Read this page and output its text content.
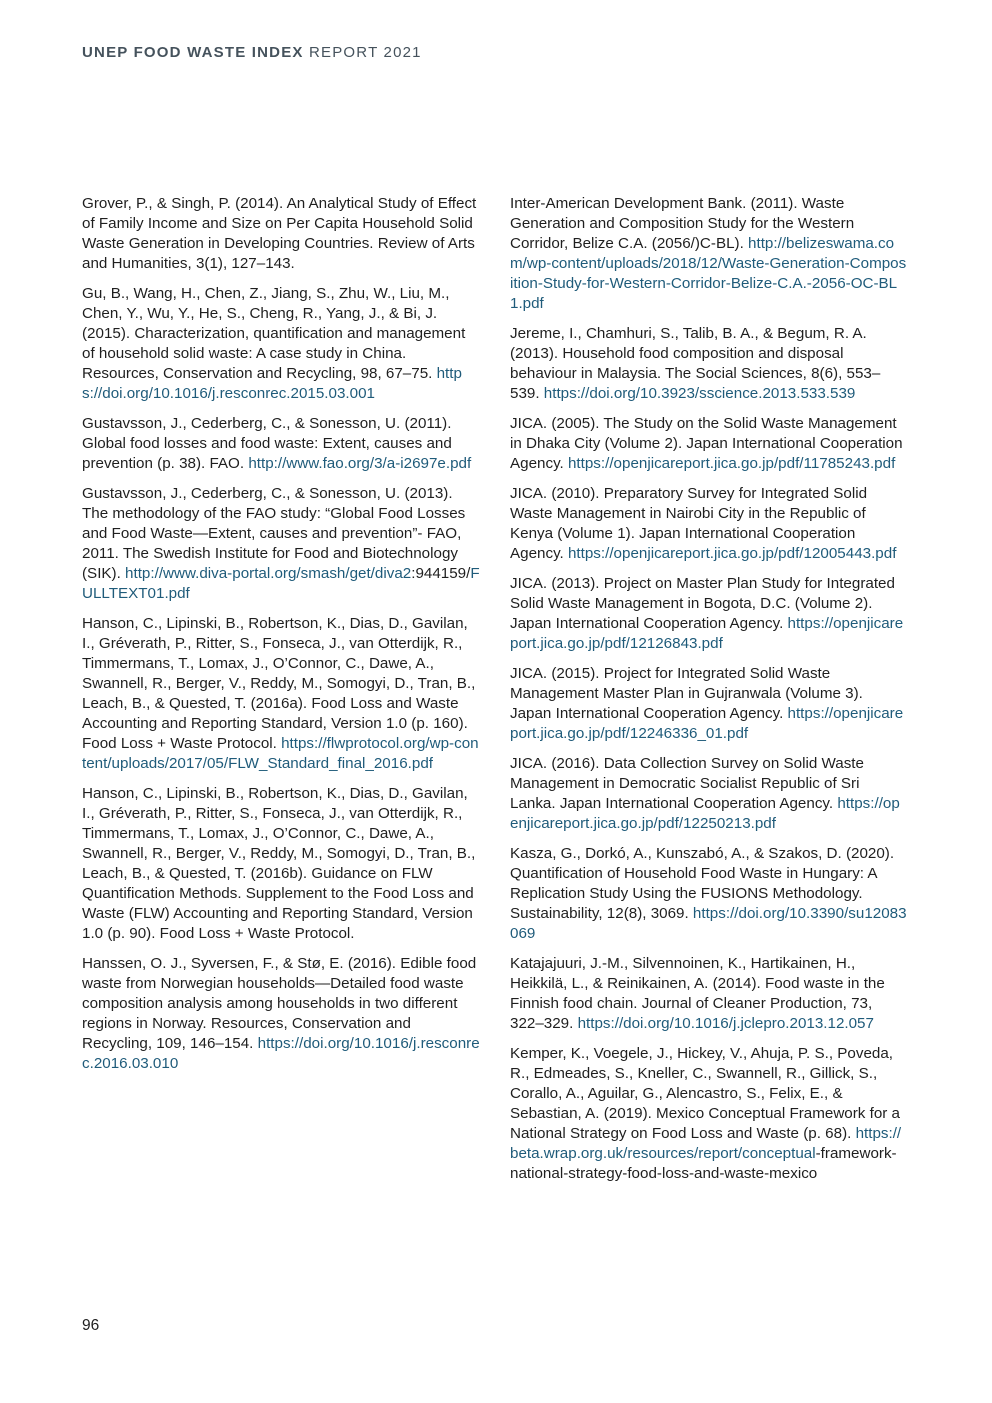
UNEP FOOD WASTE INDEX REPORT 2021

Grover, P., & Singh, P. (2014). An Analytical Study of Effect of Family Income and Size on Per Capita Household Solid Waste Generation in Developing Countries. Review of Arts and Humanities, 3(1), 127–143.

Gu, B., Wang, H., Chen, Z., Jiang, S., Zhu, W., Liu, M., Chen, Y., Wu, Y., He, S., Cheng, R., Yang, J., & Bi, J. (2015). Characterization, quantification and management of household solid waste: A case study in China. Resources, Conservation and Recycling, 98, 67–75. https://doi.org/10.1016/j.resconrec.2015.03.001

Gustavsson, J., Cederberg, C., & Sonesson, U. (2011). Global food losses and food waste: Extent, causes and prevention (p. 38). FAO. http://www.fao.org/3/a-i2697e.pdf

Gustavsson, J., Cederberg, C., & Sonesson, U. (2013). The methodology of the FAO study: “Global Food Losses and Food Waste—Extent, causes and prevention”- FAO, 2011. The Swedish Institute for Food and Biotechnology (SIK). http://www.diva-portal.org/smash/get/diva2:944159/FULLTEXT01.pdf

Hanson, C., Lipinski, B., Robertson, K., Dias, D., Gavilan, I., Gréverath, P., Ritter, S., Fonseca, J., van Otterdijk, R., Timmermans, T., Lomax, J., O’Connor, C., Dawe, A., Swannell, R., Berger, V., Reddy, M., Somogyi, D., Tran, B., Leach, B., & Quested, T. (2016a). Food Loss and Waste Accounting and Reporting Standard, Version 1.0 (p. 160). Food Loss + Waste Protocol. https://flwprotocol.org/wp-content/uploads/2017/05/FLW_Standard_final_2016.pdf

Hanson, C., Lipinski, B., Robertson, K., Dias, D., Gavilan, I., Gréverath, P., Ritter, S., Fonseca, J., van Otterdijk, R., Timmermans, T., Lomax, J., O’Connor, C., Dawe, A., Swannell, R., Berger, V., Reddy, M., Somogyi, D., Tran, B., Leach, B., & Quested, T. (2016b). Guidance on FLW Quantification Methods. Supplement to the Food Loss and Waste (FLW) Accounting and Reporting Standard, Version 1.0 (p. 90). Food Loss + Waste Protocol.

Hanssen, O. J., Syversen, F., & Stø, E. (2016). Edible food waste from Norwegian households—Detailed food waste composition analysis among households in two different regions in Norway. Resources, Conservation and Recycling, 109, 146–154. https://doi.org/10.1016/j.resconrec.2016.03.010

Inter-American Development Bank. (2011). Waste Generation and Composition Study for the Western Corridor, Belize C.A. (2056/)C-BL). http://belizeswama.com/wp-content/uploads/2018/12/Waste-Generation-Composition-Study-for-Western-Corridor-Belize-C.A.-2056-OC-BL1.pdf

Jereme, I., Chamhuri, S., Talib, B. A., & Begum, R. A. (2013). Household food composition and disposal behaviour in Malaysia. The Social Sciences, 8(6), 553–539. https://doi.org/10.3923/sscience.2013.533.539

JICA. (2005). The Study on the Solid Waste Management in Dhaka City (Volume 2). Japan International Cooperation Agency. https://openjicareport.jica.go.jp/pdf/11785243.pdf

JICA. (2010). Preparatory Survey for Integrated Solid Waste Management in Nairobi City in the Republic of Kenya (Volume 1). Japan International Cooperation Agency. https://openjicareport.jica.go.jp/pdf/12005443.pdf

JICA. (2013). Project on Master Plan Study for Integrated Solid Waste Management in Bogota, D.C. (Volume 2). Japan International Cooperation Agency. https://openjicareport.jica.go.jp/pdf/12126843.pdf

JICA. (2015). Project for Integrated Solid Waste Management Master Plan in Gujranwala (Volume 3). Japan International Cooperation Agency. https://openjicareport.jica.go.jp/pdf/12246336_01.pdf

JICA. (2016). Data Collection Survey on Solid Waste Management in Democratic Socialist Republic of Sri Lanka. Japan International Cooperation Agency. https://openjicareport.jica.go.jp/pdf/12250213.pdf

Kasza, G., Dorkó, A., Kunszabó, A., & Szakos, D. (2020). Quantification of Household Food Waste in Hungary: A Replication Study Using the FUSIONS Methodology. Sustainability, 12(8), 3069. https://doi.org/10.3390/su12083069

Katajajuuri, J.-M., Silvennoinen, K., Hartikainen, H., Heikkilä, L., & Reinikainen, A. (2014). Food waste in the Finnish food chain. Journal of Cleaner Production, 73, 322–329. https://doi.org/10.1016/j.jclepro.2013.12.057

Kemper, K., Voegele, J., Hickey, V., Ahuja, P. S., Poveda, R., Edmeades, S., Kneller, C., Swannell, R., Gillick, S., Corallo, A., Aguilar, G., Alencastro, S., Felix, E., & Sebastian, A. (2019). Mexico Conceptual Framework for a National Strategy on Food Loss and Waste (p. 68). https://beta.wrap.org.uk/resources/report/conceptual-framework-national-strategy-food-loss-and-waste-mexico

96
